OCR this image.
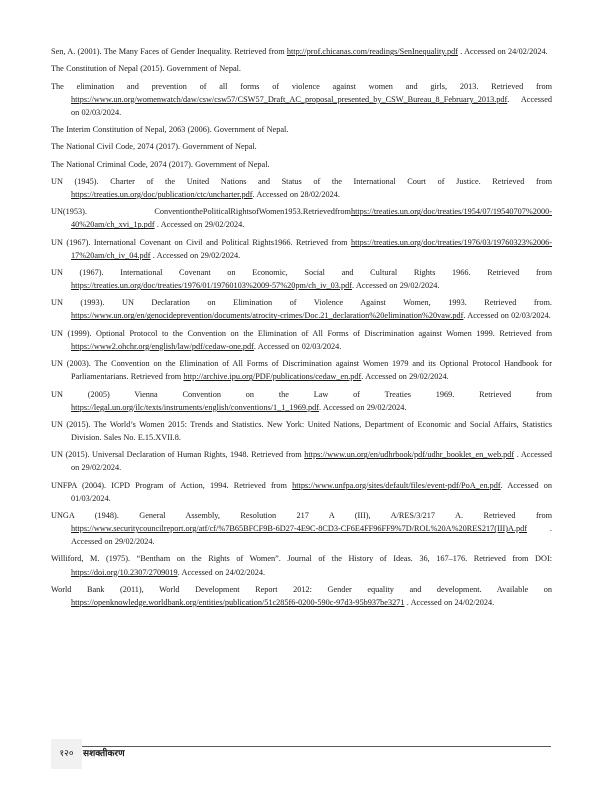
Sen, A. (2001). The Many Faces of Gender Inequality. Retrieved from http://prof.chicanas.com/readings/SenInequality.pdf . Accessed on 24/02/2024.

The Constitution of Nepal (2015). Government of Nepal.

The elimination and prevention of all forms of violence against women and girls, 2013. Retrieved from https://www.un.org/womenwatch/daw/csw/csw57/CSW57_Draft_AC_proposal_presented_by_CSW_Bureau_8_February_2013.pdf. Accessed on 02/03/2024.

The Interim Constitution of Nepal, 2063 (2006). Government of Nepal.

The National Civil Code, 2074 (2017). Government of Nepal.

The National Criminal Code, 2074 (2017). Government of Nepal.

UN (1945). Charter of the United Nations and Status of the International Court of Justice. Retrieved from https://treaties.un.org/doc/publication/ctc/uncharter.pdf. Accessed on 28/02/2024.

UN(1953). ConventionthePoliticalRightsofWomen1953.Retrievedfromhttps://treaties.un.org/doc/treaties/1954/07/19540707%2000-40%20am/ch_xvi_1p.pdf . Accessed on 29/02/2024.

UN (1967). International Covenant on Civil and Political Rights1966. Retrieved from https://treaties.un.org/doc/treaties/1976/03/19760323%2006-17%20am/ch_iv_04.pdf . Accessed on 29/02/2024.

UN (1967). International Covenant on Economic, Social and Cultural Rights 1966. Retrieved from https://treaties.un.org/doc/treaties/1976/01/19760103%2009-57%20pm/ch_iv_03.pdf. Accessed on 29/02/2024.

UN (1993). UN Declaration on Elimination of Violence Against Women, 1993. Retrieved from. https://www.un.org/en/genocideprevention/documents/atrocity-crimes/Doc.21_declaration%20elimination%20vaw.pdf. Accessed on 02/03/2024.

UN (1999). Optional Protocol to the Convention on the Elimination of All Forms of Discrimination against Women 1999. Retrieved from https://www2.ohchr.org/english/law/pdf/cedaw-one.pdf. Accessed on 02/03/2024.

UN (2003). The Convention on the Elimination of All Forms of Discrimination against Women 1979 and its Optional Protocol Handbook for Parliamentarians. Retrieved from http://archive.ipu.org/PDF/publications/cedaw_en.pdf. Accessed on 29/02/2024.

UN (2005) Vienna Convention on the Law of Treaties 1969. Retrieved from https://legal.un.org/ilc/texts/instruments/english/conventions/1_1_1969.pdf. Accessed on 29/02/2024.

UN (2015). The World’s Women 2015: Trends and Statistics. New York: United Nations, Department of Economic and Social Affairs, Statistics Division. Sales No. E.15.XVII.8.

UN (2015). Universal Declaration of Human Rights, 1948. Retrieved from https://www.un.org/en/udhrbook/pdf/udhr_booklet_en_web.pdf . Accessed on 29/02/2024.

UNFPA (2004). ICPD Program of Action, 1994. Retrieved from https://www.unfpa.org/sites/default/files/event-pdf/PoA_en.pdf. Accessed on 01/03/2024.

UNGA (1948). General Assembly, Resolution 217 A (III), A/RES/3/217 A. Retrieved from https://www.securitycouncilreport.org/atf/cf/%7B65BFCF9B-6D27-4E9C-8CD3-CF6E4FF96FF9%7D/ROL%20A%20RES217(III)A.pdf . Accessed on 29/02/2024.

Williford, M. (1975). “Bentham on the Rights of Women”. Journal of the History of Ideas. 36, 167–176. Retrieved from DOI: https://doi.org/10.2307/2709019. Accessed on 24/02/2024.

World Bank (2011), World Development Report 2012: Gender equality and development. Available on https://openknowledge.worldbank.org/entities/publication/51c285f6-0200-590c-97d3-95b937be3271 . Accessed on 24/02/2024.

१२०	सशक्तीकरण
